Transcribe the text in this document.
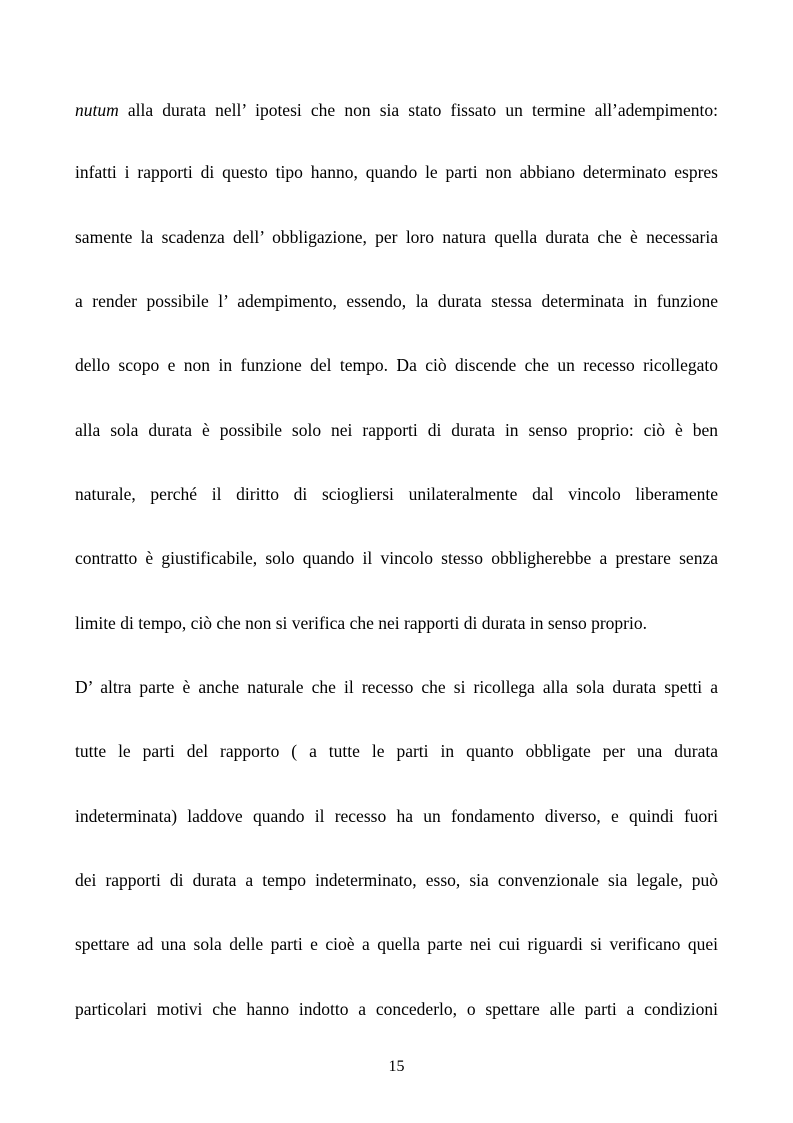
nutum alla durata nell’ ipotesi che non sia stato fissato un termine all’adempimento:
infatti i rapporti di questo tipo hanno, quando le parti non abbiano determinato espres
samente la scadenza dell’ obbligazione, per loro natura quella durata che è necessaria
a render possibile l’ adempimento, essendo, la durata stessa determinata in funzione
dello scopo e non in funzione del tempo. Da ciò discende che un recesso ricollegato
alla sola durata è possibile solo nei rapporti di durata in senso proprio: ciò è ben
naturale, perché il diritto di sciogliersi unilateralmente dal vincolo liberamente
contratto è giustificabile, solo quando il vincolo stesso obbligherebbe a prestare senza
limite di tempo, ciò che non si verifica che nei rapporti di durata in senso proprio.
D’ altra parte è anche naturale che il recesso che si ricollega alla sola durata spetti a
tutte le parti del rapporto ( a tutte le parti in quanto obbligate per una durata
indeterminata) laddove quando il recesso ha un fondamento diverso, e quindi fuori
dei rapporti di durata a tempo indeterminato, esso, sia convenzionale sia legale, può
spettare ad una sola delle parti e cioè a quella parte nei cui riguardi si verificano quei
particolari motivi che hanno indotto a concederlo, o spettare alle parti a condizioni
15
